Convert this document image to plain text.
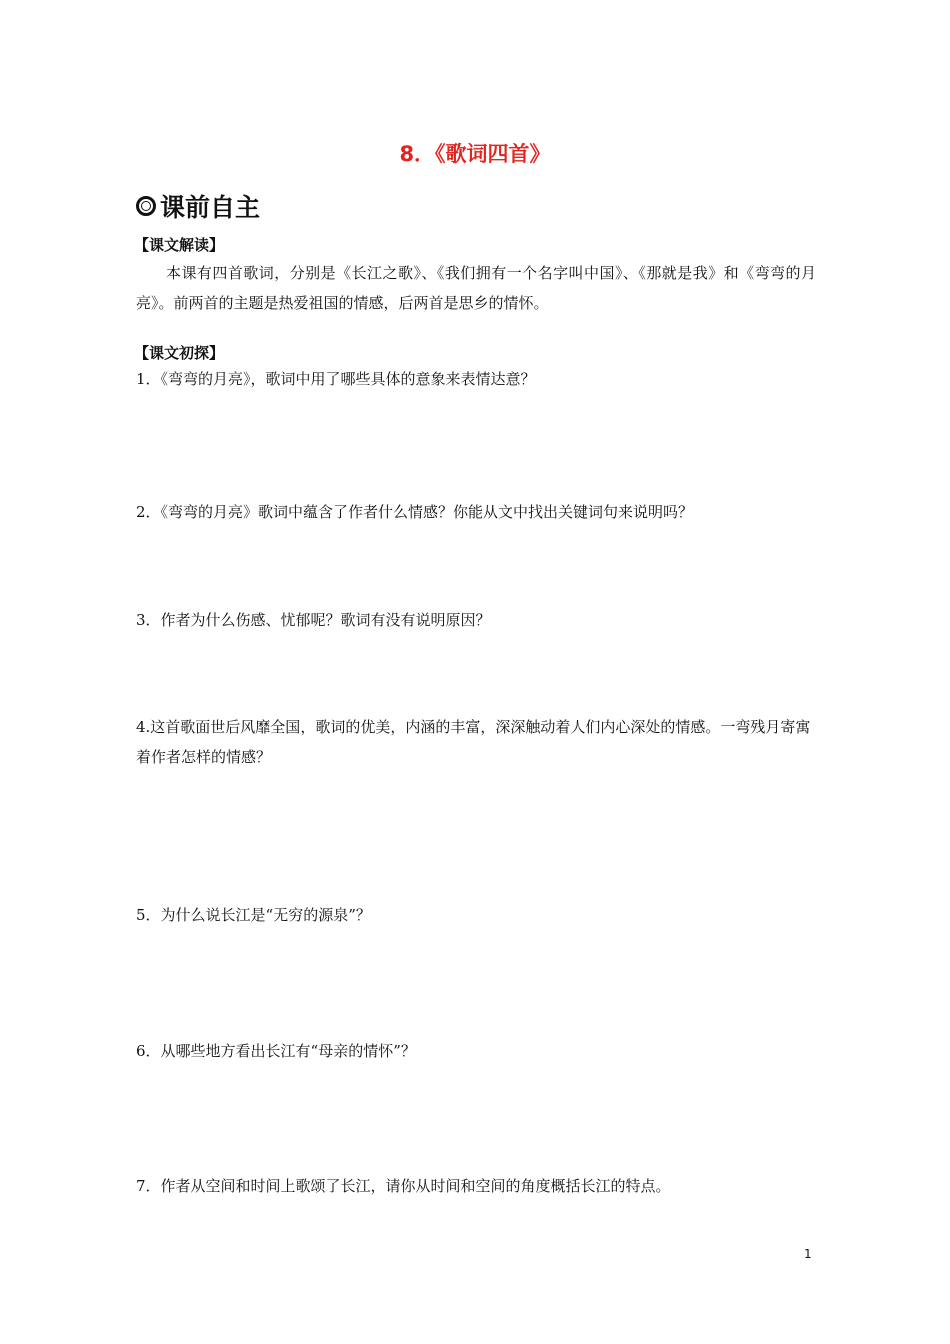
8．《歌词四首》
课前自主
【课文解读】
本课有四首歌词，分别是《长江之歌》、《我们拥有一个名字叫中国》、《那就是我》和《弯弯的月亮》。前两首的主题是热爱祖国的情感，后两首是思乡的情怀。
【课文初探】
1．《弯弯的月亮》，歌词中用了哪些具体的意象来表情达意？
2．《弯弯的月亮》歌词中蕴含了作者什么情感？你能从文中找出关键词句来说明吗？
3．作者为什么伤感、忧郁呢？歌词有没有说明原因？
4.这首歌面世后风靡全国，歌词的优美，内涵的丰富，深深触动着人们内心深处的情感。一弯残月寄寓着作者怎样的情感？
5．为什么说长江是“无穷的源泉”？
6．从哪些地方看出长江有“母亲的情怀”？
7．作者从空间和时间上歌颂了长江，请你从时间和空间的角度概括长江的特点。
1
